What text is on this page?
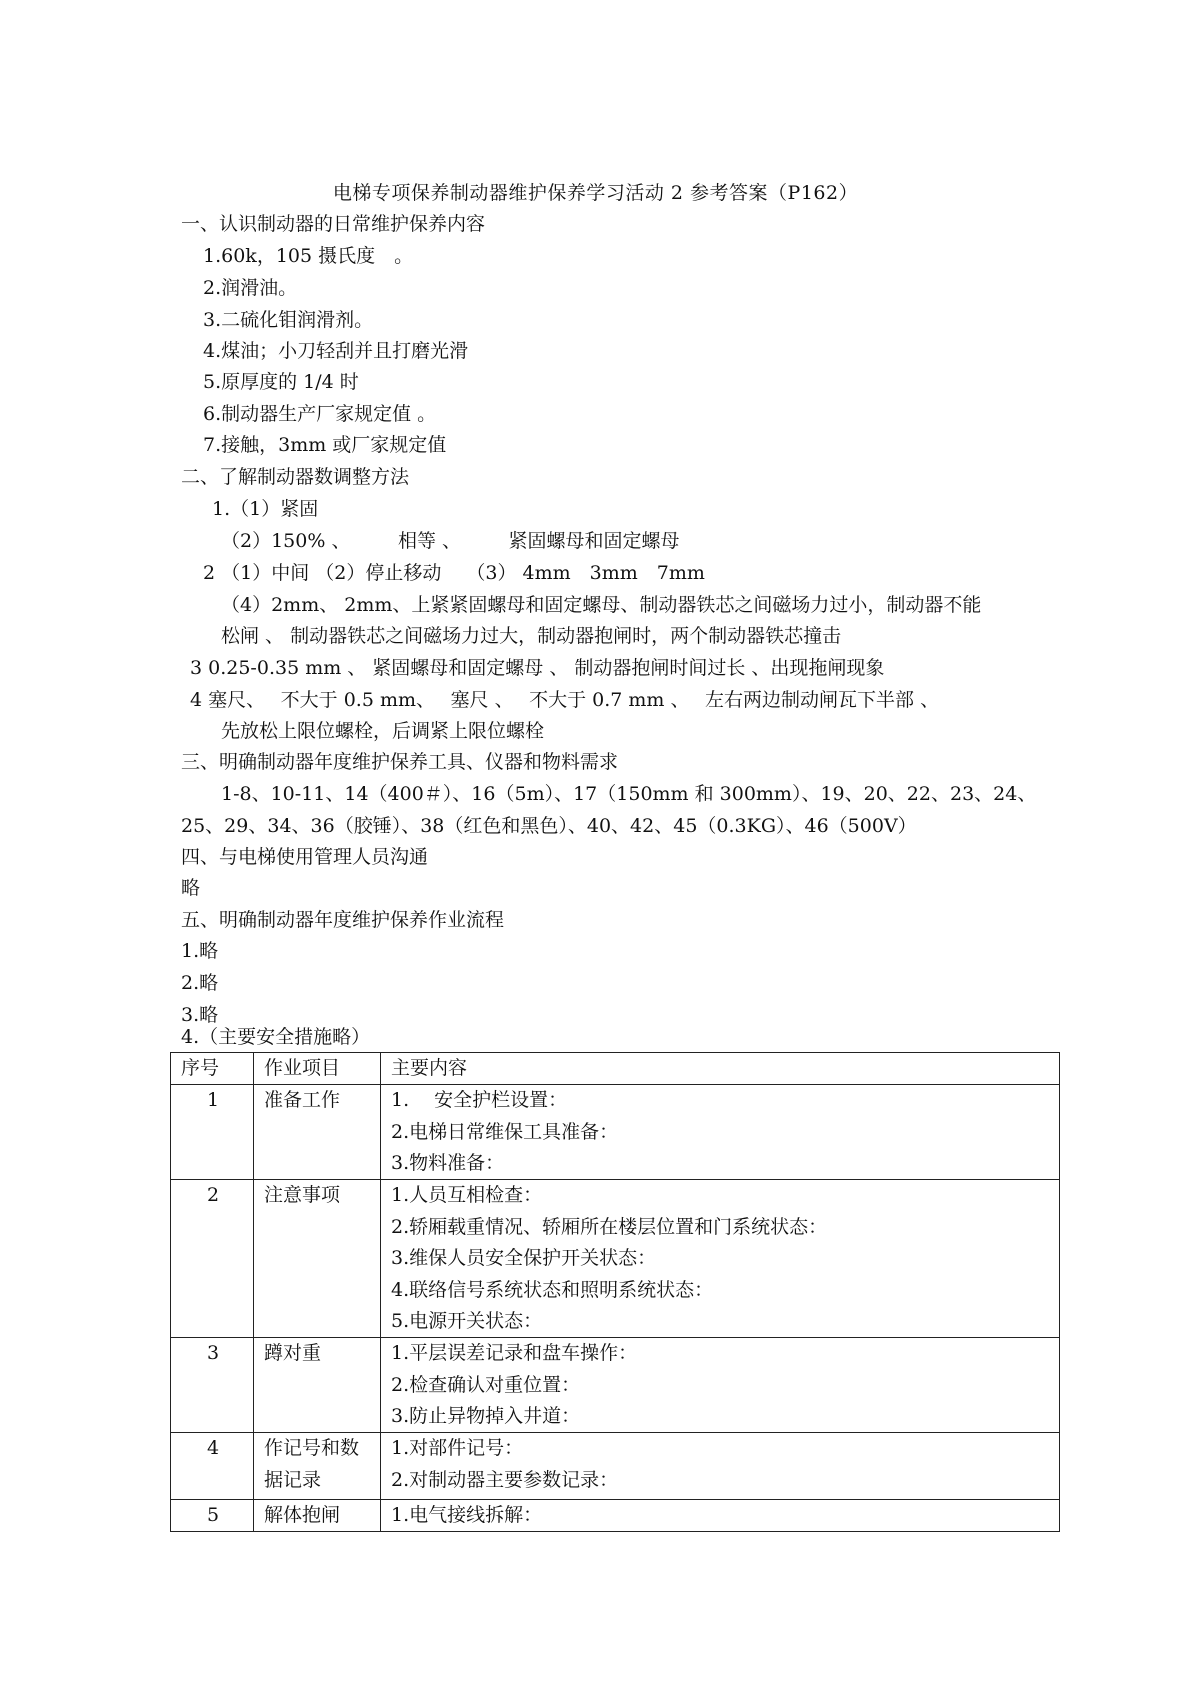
电梯专项保养制动器维护保养学习活动 2 参考答案（P162）
一、认识制动器的日常维护保养内容
1.60k，105 摄氏度　。
2.润滑油。
3.二硫化钼润滑剂。
4.煤油；小刀轻刮并且打磨光滑
5.原厚度的 1/4 时
6.制动器生产厂家规定值 。
7.接触，3mm 或厂家规定值
二、了解制动器数调整方法
1.（1）紧固
（2）150% 、　　　相等 、　　　紧固螺母和固定螺母
2 （1）中间 （2）停止移动　 （3） 4mm　3mm　7mm
（4）2mm、 2mm、上紧紧固螺母和固定螺母、制动器铁芯之间磁场力过小，制动器不能
松闸 、 制动器铁芯之间磁场力过大，制动器抱闸时，两个制动器铁芯撞击
3 0.25-0.35 mm 、 紧固螺母和固定螺母 、 制动器抱闸时间过长 、出现拖闸现象
4 塞尺、　 不大于 0.5 mm、　 塞尺 、　 不大于 0.7 mm 、　 左右两边制动闸瓦下半部 、
先放松上限位螺栓，后调紧上限位螺栓
三、明确制动器年度维护保养工具、仪器和物料需求
1-8、10-11、14（400＃）、16（5m）、17（150mm 和 300mm）、19、20、22、23、24、
25、29、34、36（胶锤）、38（红色和黑色）、40、42、45（0.3KG）、46（500V）
四、与电梯使用管理人员沟通
略
五、明确制动器年度维护保养作业流程
1.略
2.略
3.略
4.（主要安全措施略）
序号	作业项目	主要内容
1	准备工作	1.　 安全护栏设置：
2.电梯日常维保工具准备：
3.物料准备：

2	注意事项	1.人员互相检查：
2.轿厢载重情况、轿厢所在楼层位置和门系统状态：
3.维保人员安全保护开关状态：
4.联络信号系统状态和照明系统状态：
5.电源开关状态：

3	蹲对重	1.平层误差记录和盘车操作：
2.检查确认对重位置：
3.防止异物掉入井道：

4	作记号和数据记录	1.对部件记号：
2.对制动器主要参数记录：

5	解体抱闸	1.电气接线拆解：
